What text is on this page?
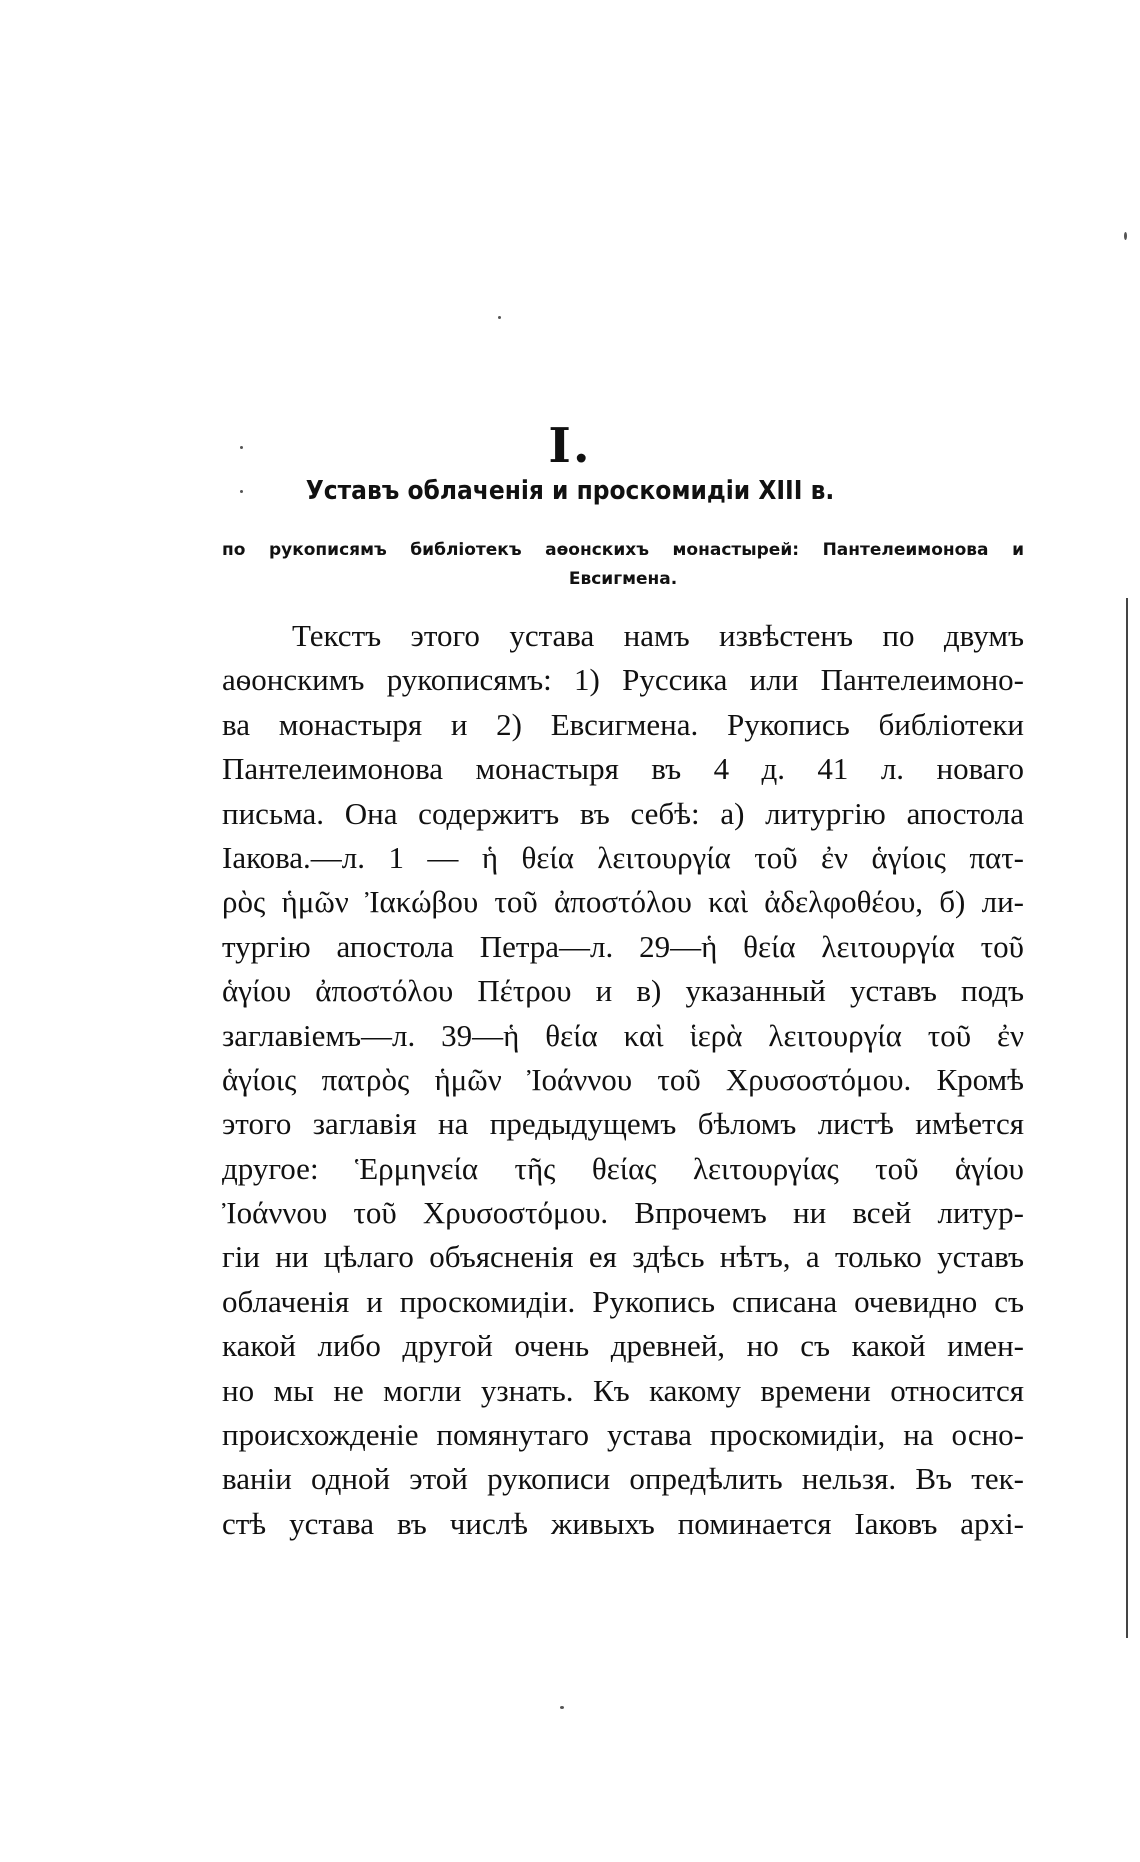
I.
Уставъ облаченія и проскомидіи XIII в.
по рукописямъ библіотекъ аѳонскихъ монастырей: Пантелеимонова и Евсигмена.
Текстъ этого устава намъ извѣстенъ по двумъ
аѳонскимъ рукописямъ: 1) Руссика или Пантелеимоно-
ва монастыря и 2) Евсигмена. Рукопись библіотеки
Пантелеимонова монастыря въ 4 д. 41 л. новаго
письма. Она содержитъ въ себѣ: а) литургію апостола
Іакова.—л. 1 — ἡ θεία λειτουργία τοῦ ἐν ἁγίοις πατ-
ρὸς ἡμῶν Ἰακώβου τοῦ ἀποστόλου καὶ ἀδελφοθέου, б) ли-
тургію апостола Петра—л. 29—ἡ θεία λειτουργία τοῦ
ἁγίου ἀποστόλου Πέτρου и в) указанный уставъ подъ
заглавіемъ—л. 39—ἡ θεία καὶ ἱερὰ λειτουργία τοῦ ἐν
ἁγίοις πατρὸς ἡμῶν Ἰοάννου τοῦ Χρυσοστόμου. Кромѣ
этого заглавія на предыдущемъ бѣломъ листѣ имѣется
другое: Ἑρμηνεία τῆς θείας λειτουργίας τοῦ ἁγίου
Ἰοάννου τοῦ Χρυσοστόμου. Впрочемъ ни всей литур-
гіи ни цѣлаго объясненія ея здѣсь нѣтъ, а только уставъ
облаченія и проскомидіи. Рукопись списана очевидно съ
какой либо другой очень древней, но съ какой имен-
но мы не могли узнать. Къ какому времени относится
происхожденіе помянутаго устава проскомидіи, на осно-
ваніи одной этой рукописи опредѣлить нельзя. Въ тек-
стѣ устава въ числѣ живыхъ поминается Іаковъ архі-
